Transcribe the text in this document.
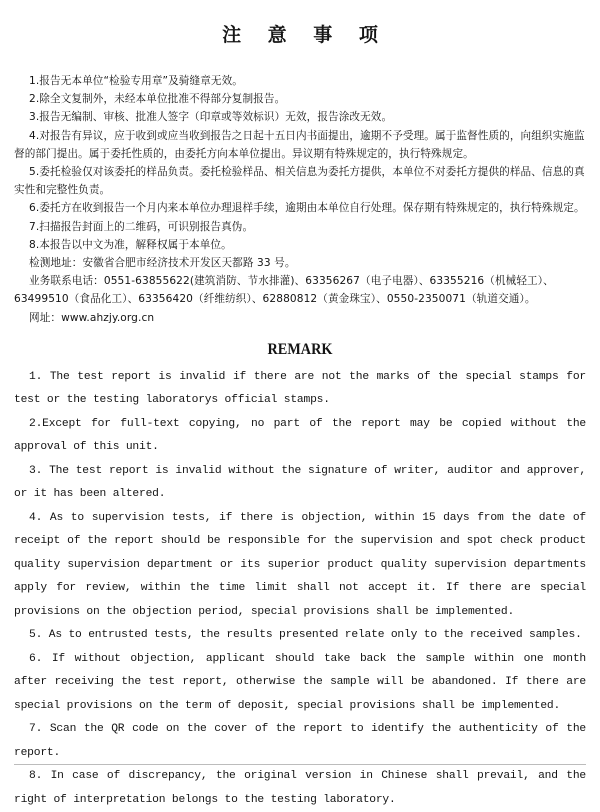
注 意 事 项

1.报告无本单位“检验专用章”及骑缝章无效。

2.除全文复制外，未经本单位批准不得部分复制报告。

3.报告无编制、审核、批准人签字（印章或等效标识）无效，报告涂改无效。

4.对报告有异议，应于收到或应当收到报告之日起十五日内书面提出，逾期不予受理。属于监督性质的，向组织实施监督的部门提出。属于委托性质的，由委托方向本单位提出。异议期有特殊规定的，执行特殊规定。

5.委托检验仅对该委托的样品负责。委托检验样品、相关信息为委托方提供，本单位不对委托方提供的样品、信息的真实性和完整性负责。

6.委托方在收到报告一个月内来本单位办理退样手续，逾期由本单位自行处理。保存期有特殊规定的，执行特殊规定。

7.扫描报告封面上的二维码，可识别报告真伪。

8.本报告以中文为准，解释权属于本单位。

检测地址：安徽省合肥市经济技术开发区天都路 33 号。

业务联系电话：0551-63855622(建筑消防、节水排灌)、63356267（电子电器）、63355216（机械轻工）、63499510（食品化工）、63356420（纤维纺织）、62880812（黄金珠宝）、0550-2350071（轨道交通）。

网址：www.ahzjy.org.cn

REMARK

1. The test report is invalid if there are not the marks of the special stamps for test or the testing laboratorys official stamps.

2.Except for full-text copying, no part of the report may be copied without the approval of this unit.

3. The test report is invalid without the signature of writer, auditor and approver, or it has been altered.

4. As to supervision tests, if there is objection, within 15 days from the date of receipt of the report should be responsible for the supervision and spot check product quality supervision department or its superior product quality supervision departments apply for review, within the time limit shall not accept it. If there are special provisions on the objection period, special provisions shall be implemented.

5. As to entrusted tests, the results presented relate only to the received samples.

6. If without objection, applicant should take back the sample within one month after receiving the test report, otherwise the sample will be abandoned. If there are special provisions on the term of deposit, special provisions shall be implemented.

7. Scan the QR code on the cover of the report to identify the authenticity of the report.

8. In case of discrepancy, the original version in Chinese shall prevail, and the right of interpretation belongs to the testing laboratory.
